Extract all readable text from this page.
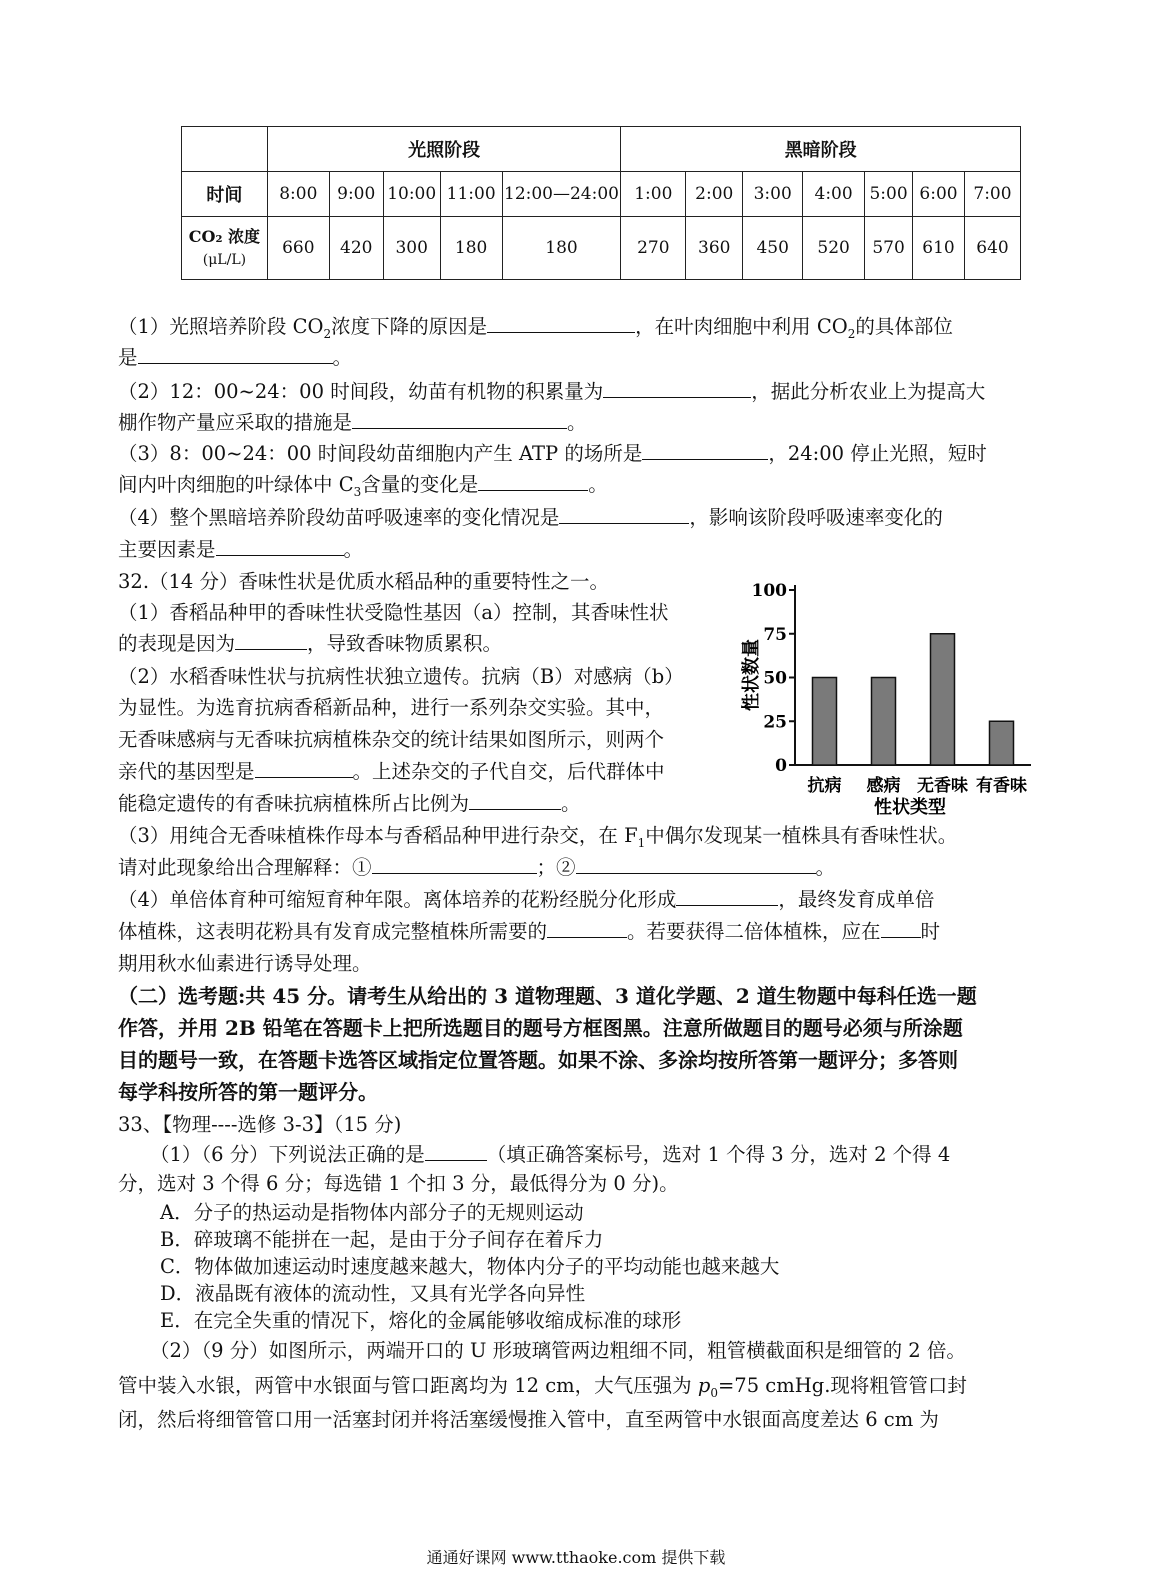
	光照阶段					黑暗阶段						
时间	8:00	9:00	10:00	11:00	12:00—24:00	1:00	2:00	3:00	4:00	5:00	6:00	7:00
CO₂ 浓度
(μL/L)	660	420	300	180	180	270	360	450	520	570	610	640
（1）光照培养阶段 $CO_2$浓度下降的原因是	，在叶肉细胞中利用 $CO_2$的具体部位
是	。
（2）12：00~24：00 时间段，幼苗有机物的积累量为	，据此分析农业上为提高大
棚作物产量应采取的措施是	。
（3）8：00~24：00 时间段幼苗细胞内产生 ATP 的场所是	，24:00 停止光照，短时
间内叶肉细胞的叶绿体中 $C_3$含量的变化是	。
（4）整个黑暗培养阶段幼苗呼吸速率的变化情况是	，影响该阶段呼吸速率变化的
主要因素是	。
32.（14 分）香味性状是优质水稻品种的重要特性之一。
（1）香稻品种甲的香味性状受隐性基因（a）控制，其香味性状
的表现是因为	，导致香味物质累积。
（2）水稻香味性状与抗病性状独立遗传。抗病（B）对感病（b）
为显性。为选育抗病香稻新品种，进行一系列杂交实验。其中，
无香味感病与无香味抗病植株杂交的统计结果如图所示，则两个
亲代的基因型是	。上述杂交的子代自交，后代群体中
能稳定遗传的有香味抗病植株所占比例为	。
（3）用纯合无香味植株作母本与香稻品种甲进行杂交，在 $F_1$中偶尔发现某一植株具有香味性状。
请对此现象给出合理解释：①	；②	。
（4）单倍体育种可缩短育种年限。离体培养的花粉经脱分化形成	，最终发育成单倍
体植株，这表明花粉具有发育成完整植株所需要的	。若要获得二倍体植株，应在 时
期用秋水仙素进行诱导处理。
（二）选考题:共 45 分。请考生从给出的 3 道物理题、3 道化学题、2 道生物题中每科任选一题
作答，并用 2B 铅笔在答题卡上把所选题目的题号方框图黑。注意所做题目的题号必须与所涂题
目的题号一致，在答题卡选答区域指定位置答题。如果不涂、多涂均按所答第一题评分；多答则
每学科按所答的第一题评分。
33、【物理----选修 3-3】（15 分)
（1）（6 分）下列说法正确的是	（填正确答案标号，选对 1 个得 3 分，选对 2 个得 4
分，选对 3 个得 6 分；每选错 1 个扣 3 分，最低得分为 0 分)。
A．分子的热运动是指物体内部分子的无规则运动
B．碎玻璃不能拼在一起，是由于分子间存在着斥力
C．物体做加速运动时速度越来越大，物体内分子的平均动能也越来越大
D．液晶既有液体的流动性，又具有光学各向异性
E．在完全失重的情况下，熔化的金属能够收缩成标准的球形
（2）（9 分）如图所示，两端开口的 U 形玻璃管两边粗细不同，粗管横截面积是细管的 2 倍。
管中装入水银，两管中水银面与管口距离均为 12 cm，大气压强为 $p_0=75$ cmHg.现将粗管管口封
闭，然后将细管管口用一活塞封闭并将活塞缓慢推入管中，直至两管中水银面高度差达 6 cm 为
0
25
50
75
100
抗病 感病 无香味 有香味
性状数量
性状类型
通通好课网 www.tthaoke.com 提供下载
